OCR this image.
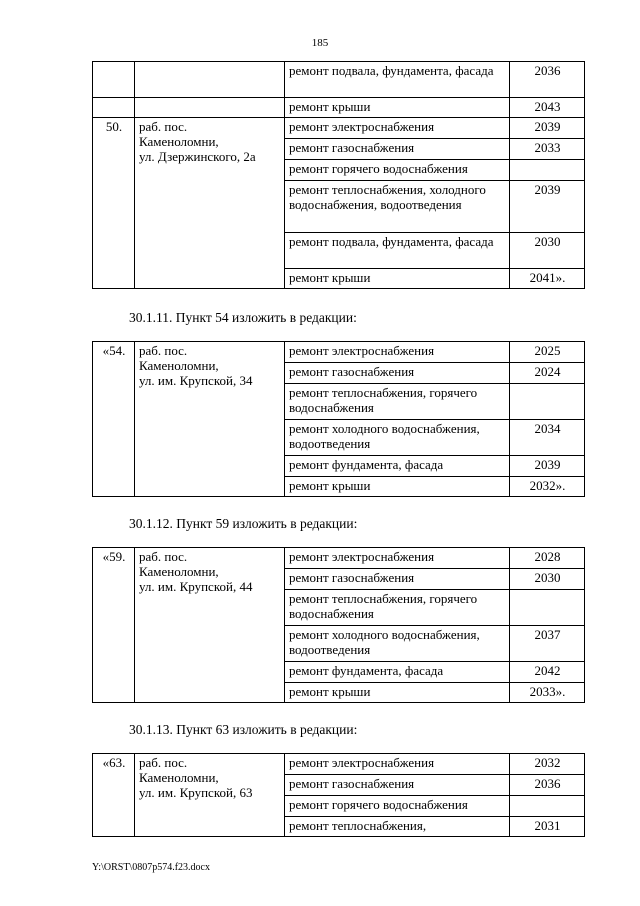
185
		ремонт подвала, фундамента, фасада	2036
		ремонт крыши	2043
50.	раб. пос.
Каменоломни,
ул. Дзержинского, 2а	ремонт электроснабжения	2039
		ремонт газоснабжения	2033
		ремонт горячего водоснабжения	
		ремонт теплоснабжения, холодного водоснабжения, водоотведения	2039
		ремонт подвала, фундамента, фасада	2030
		ремонт крыши	2041».
30.1.11. Пункт 54 изложить в редакции:
«54.	раб. пос.
Каменоломни,
ул. им. Крупской, 34	ремонт электроснабжения	2025
		ремонт газоснабжения	2024
		ремонт теплоснабжения, горячего водоснабжения	
		ремонт холодного водоснабжения, водоотведения	2034
		ремонт фундамента, фасада	2039
		ремонт крыши	2032».
30.1.12. Пункт 59 изложить в редакции:
«59.	раб. пос.
Каменоломни,
ул. им. Крупской, 44	ремонт электроснабжения	2028
		ремонт газоснабжения	2030
		ремонт теплоснабжения, горячего водоснабжения	
		ремонт холодного водоснабжения, водоотведения	2037
		ремонт фундамента, фасада	2042
		ремонт крыши	2033».
30.1.13. Пункт 63 изложить в редакции:
«63.	раб. пос.
Каменоломни,
ул. им. Крупской, 63	ремонт электроснабжения	2032
		ремонт газоснабжения	2036
		ремонт горячего водоснабжения	
		ремонт теплоснабжения,	2031
Y:\ORST\0807p574.f23.docx
